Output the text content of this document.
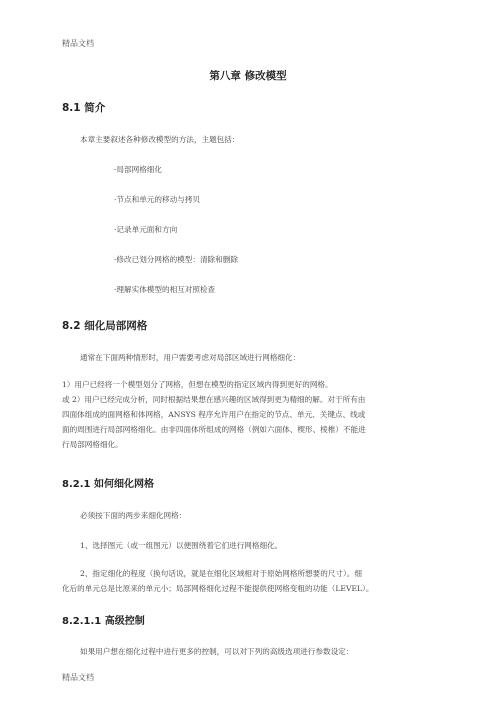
精品文档
第八章 修改模型
8.1 简介
本章主要叙述各种修改模型的方法，主题包括：
·局部网格细化
·节点和单元的移动与拷贝
·记录单元面和方向
·修改已划分网格的模型：清除和删除
·理解实体模型的相互对照检查
8.2 细化局部网格
通常在下面两种情形时，用户需要考虑对局部区域进行网格细化：
1）用户已经将一个模型划分了网格，但想在模型的指定区域内得到更好的网格。
或 2）用户已经完成分析，同时根据结果想在感兴趣的区域得到更为精细的解。对于所有由
四面体组成的面网格和体网格，ANSYS 程序允许用户在指定的节点、单元、关键点、线或
面的周围进行局部网格细化。由非四面体所组成的网格（例如六面体、楔形、棱椎）不能进
行局部网格细化。
8.2.1 如何细化网格
必须按下面的两步来细化网格：
1、选择图元（或一组图元）以便围绕着它们进行网格细化。
2、指定细化的程度（换句话说，就是在细化区域相对于原始网格所想要的尺寸）。细
化后的单元总是比原来的单元小；局部网格细化过程不能提供使网格变粗的功能（LEVEL）。
8.2.1.1 高级控制
如果用户想在细化过程中进行更多的控制，可以对下列的高级选项进行参数设定：
精品文档
